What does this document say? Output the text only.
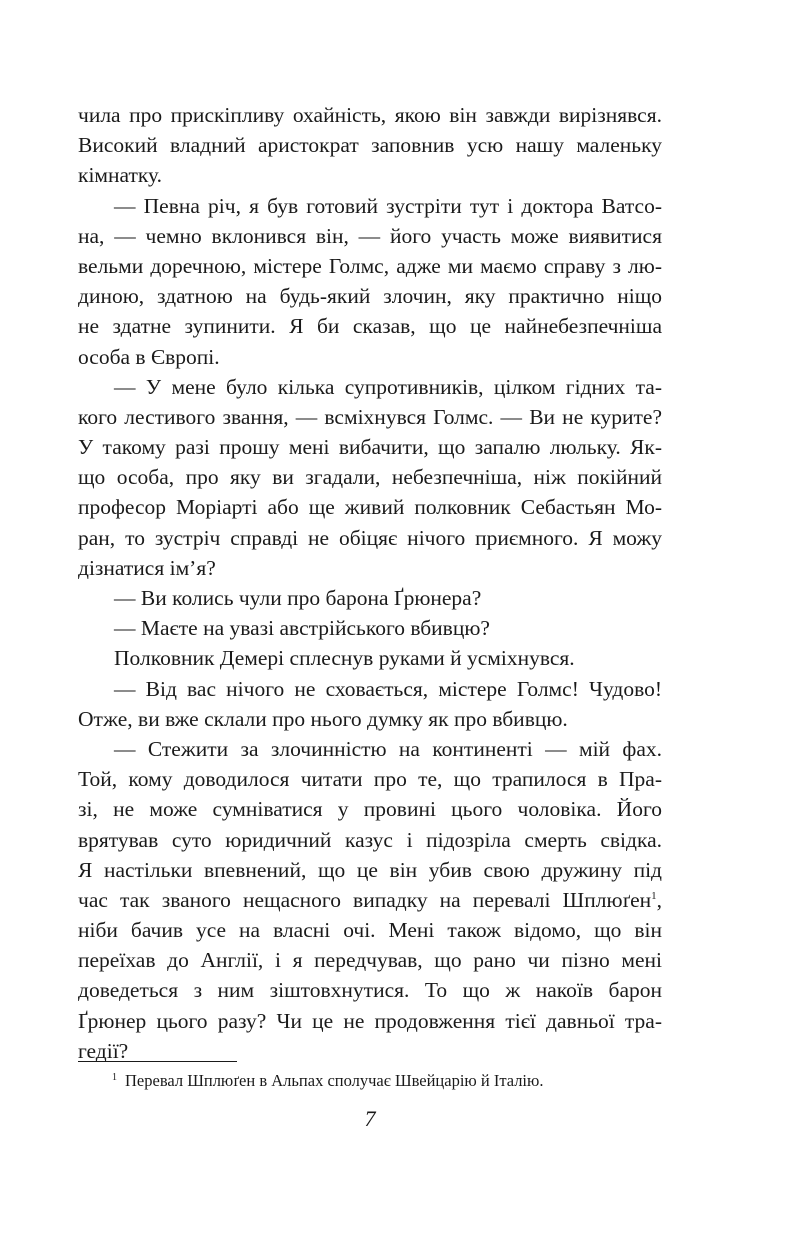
чила про прискіпливу охайність, якою він завжди вирізнявся.
Високий владний аристократ заповнив усю нашу маленьку
кімнатку.
— Певна річ, я був готовий зустріти тут і доктора Ватсо-
на, — чемно вклонився він, — його участь може виявитися
вельми доречною, містере Голмс, адже ми маємо справу з лю-
диною, здатною на будь-який злочин, яку практично ніщо
не здатне зупинити. Я би сказав, що це найнебезпечніша
особа в Європі.
— У мене було кілька супротивників, цілком гідних та-
кого лестивого звання, — всміхнувся Голмс. — Ви не курите?
У такому разі прошу мені вибачити, що запалю люльку. Як-
що особа, про яку ви згадали, небезпечніша, ніж покійний
професор Моріарті або ще живий полковник Себастьян Мо-
ран, то зустріч справді не обіцяє нічого приємного. Я можу
дізнатися ім’я?
— Ви колись чули про барона Ґрюнера?
— Маєте на увазі австрійського вбивцю?
Полковник Демері сплеснув руками й усміхнувся.
— Від вас нічого не сховається, містере Голмс! Чудово!
Отже, ви вже склали про нього думку як про вбивцю.
— Стежити за злочинністю на континенті — мій фах.
Той, кому доводилося читати про те, що трапилося в Пра-
зі, не може сумніватися у провині цього чоловіка. Його
врятував суто юридичний казус і підозріла смерть свідка.
Я настільки впевнений, що це він убив свою дружину під
час так званого нещасного випадку на перевалі Шплюґен$^1$,
ніби бачив усе на власні очі. Мені також відомо, що він
переїхав до Англії, і я передчував, що рано чи пізно мені
доведеться з ним зіштовхнутися. То що ж накоїв барон
Ґрюнер цього разу? Чи це не продовження тієї давньої тра-
гедії?
$^1$ Перевал Шплюґен в Альпах сполучає Швейцарію й Італію.
7
